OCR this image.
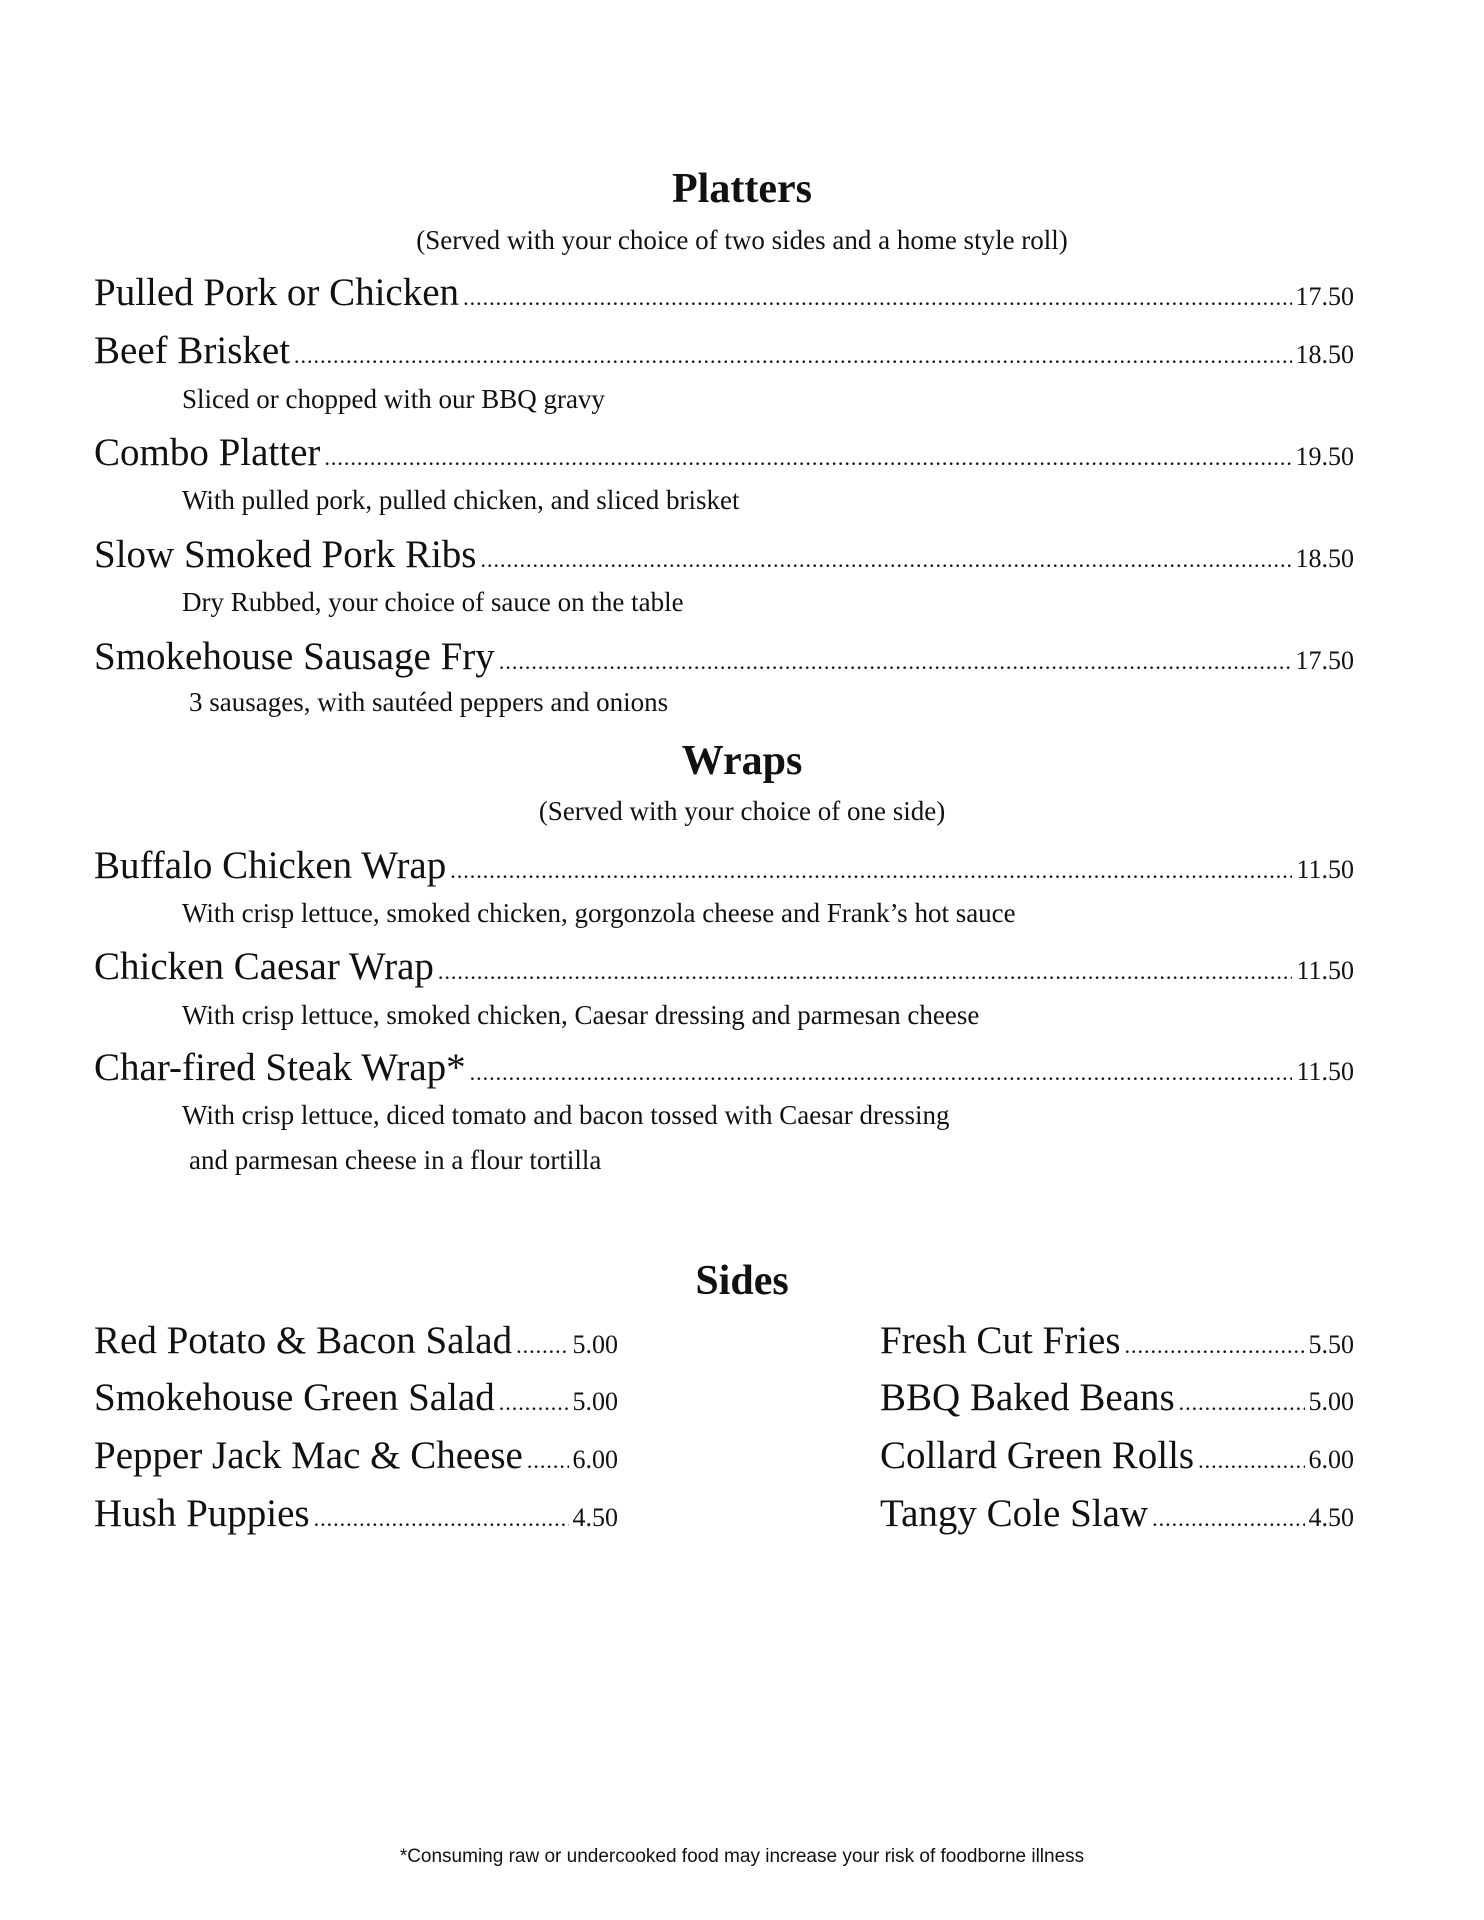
Platters
(Served with your choice of two sides and a home style roll)
Pulled Pork or Chicken .....	17.50
Beef Brisket .....	18.50
Sliced or chopped with our BBQ gravy
Combo Platter .....	19.50
With pulled pork, pulled chicken, and sliced brisket
Slow Smoked Pork Ribs .....	18.50
Dry Rubbed, your choice of sauce on the table
Smokehouse Sausage Fry .....	17.50
3 sausages, with sautéed peppers and onions
Wraps
(Served with your choice of one side)
Buffalo Chicken Wrap .....	11.50
With crisp lettuce, smoked chicken, gorgonzola cheese and Frank’s hot sauce
Chicken Caesar Wrap .....	11.50
With crisp lettuce, smoked chicken, Caesar dressing and parmesan cheese
Char-fired Steak Wrap* .....	11.50
With crisp lettuce, diced tomato and bacon tossed with Caesar dressing
and parmesan cheese in a flour tortilla
Sides
Red Potato & Bacon Salad ..... 5.00
Smokehouse Green Salad .....	5.00
Pepper Jack Mac & Cheese ..... 6.00
Hush Puppies .....	4.50
Fresh Cut Fries .....	5.50
BBQ Baked Beans .....	5.00
Collard Green Rolls .....	6.00
Tangy Cole Slaw .....	4.50
*Consuming raw or undercooked food may increase your risk of foodborne illness
